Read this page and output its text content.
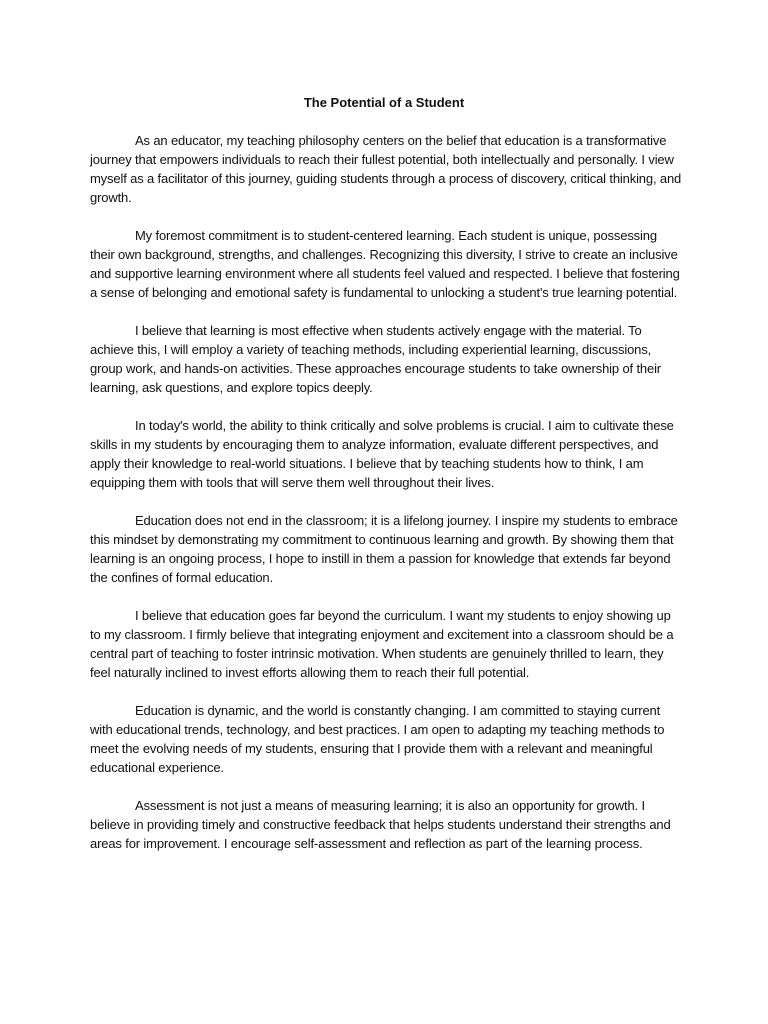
The Potential of a Student

As an educator, my teaching philosophy centers on the belief that education is a transformative journey that empowers individuals to reach their fullest potential, both intellectually and personally. I view myself as a facilitator of this journey, guiding students through a process of discovery, critical thinking, and growth.

My foremost commitment is to student-centered learning. Each student is unique, possessing their own background, strengths, and challenges. Recognizing this diversity, I strive to create an inclusive and supportive learning environment where all students feel valued and respected. I believe that fostering a sense of belonging and emotional safety is fundamental to unlocking a student's true learning potential.

I believe that learning is most effective when students actively engage with the material. To achieve this, I will employ a variety of teaching methods, including experiential learning, discussions, group work, and hands-on activities. These approaches encourage students to take ownership of their learning, ask questions, and explore topics deeply.

In today's world, the ability to think critically and solve problems is crucial. I aim to cultivate these skills in my students by encouraging them to analyze information, evaluate different perspectives, and apply their knowledge to real-world situations. I believe that by teaching students how to think, I am equipping them with tools that will serve them well throughout their lives.

Education does not end in the classroom; it is a lifelong journey. I inspire my students to embrace this mindset by demonstrating my commitment to continuous learning and growth. By showing them that learning is an ongoing process, I hope to instill in them a passion for knowledge that extends far beyond the confines of formal education.

I believe that education goes far beyond the curriculum. I want my students to enjoy showing up to my classroom. I firmly believe that integrating enjoyment and excitement into a classroom should be a central part of teaching to foster intrinsic motivation. When students are genuinely thrilled to learn, they feel naturally inclined to invest efforts allowing them to reach their full potential.

Education is dynamic, and the world is constantly changing. I am committed to staying current with educational trends, technology, and best practices. I am open to adapting my teaching methods to meet the evolving needs of my students, ensuring that I provide them with a relevant and meaningful educational experience.

Assessment is not just a means of measuring learning; it is also an opportunity for growth. I believe in providing timely and constructive feedback that helps students understand their strengths and areas for improvement. I encourage self-assessment and reflection as part of the learning process.
